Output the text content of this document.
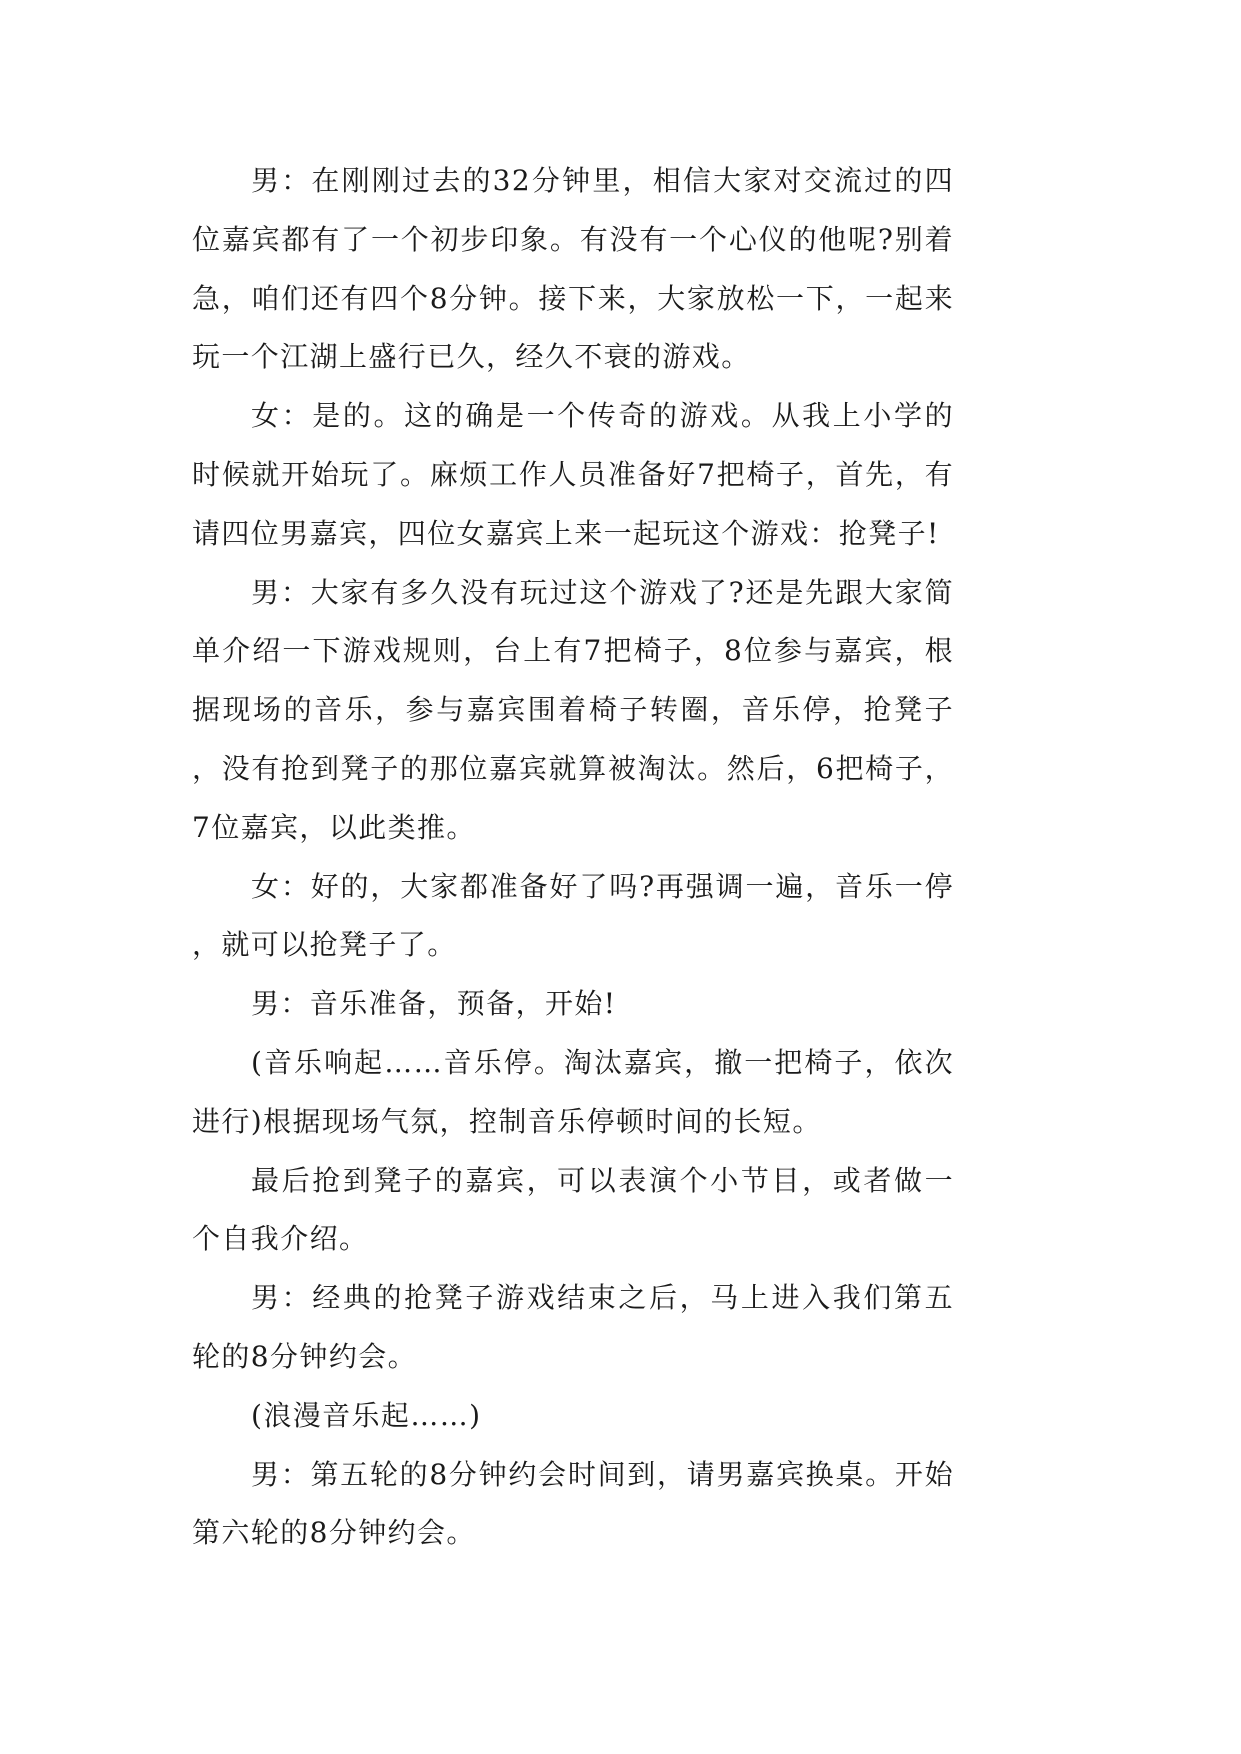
男：在刚刚过去的32分钟里，相信大家对交流过的四位嘉宾都有了一个初步印象。有没有一个心仪的他呢?别着急，咱们还有四个8分钟。接下来，大家放松一下，一起来玩一个江湖上盛行已久，经久不衰的游戏。

女：是的。这的确是一个传奇的游戏。从我上小学的时候就开始玩了。麻烦工作人员准备好7把椅子，首先，有请四位男嘉宾，四位女嘉宾上来一起玩这个游戏：抢凳子!

男：大家有多久没有玩过这个游戏了?还是先跟大家简单介绍一下游戏规则，台上有7把椅子，8位参与嘉宾，根据现场的音乐，参与嘉宾围着椅子转圈，音乐停，抢凳子，没有抢到凳子的那位嘉宾就算被淘汰。然后，6把椅子，7位嘉宾，以此类推。

女：好的，大家都准备好了吗?再强调一遍，音乐一停，就可以抢凳子了。

男：音乐准备，预备，开始!

(音乐响起……音乐停。淘汰嘉宾，撤一把椅子，依次进行)根据现场气氛，控制音乐停顿时间的长短。

最后抢到凳子的嘉宾，可以表演个小节目，或者做一个自我介绍。

男：经典的抢凳子游戏结束之后，马上进入我们第五轮的8分钟约会。

(浪漫音乐起……)

男：第五轮的8分钟约会时间到，请男嘉宾换桌。开始第六轮的8分钟约会。
